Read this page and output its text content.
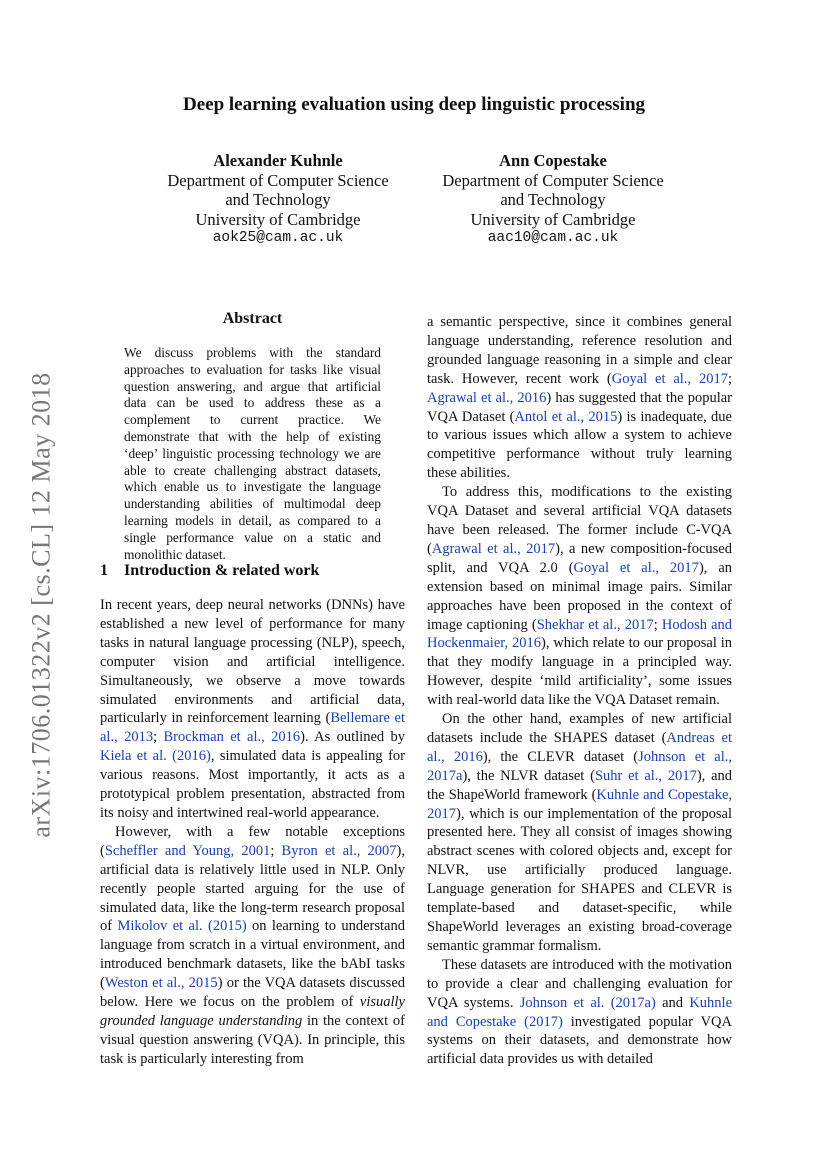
arXiv:1706.01322v2 [cs.CL] 12 May 2018
Deep learning evaluation using deep linguistic processing
Alexander Kuhnle
Department of Computer Science
and Technology
University of Cambridge
aok25@cam.ac.uk
Ann Copestake
Department of Computer Science
and Technology
University of Cambridge
aac10@cam.ac.uk
Abstract
We discuss problems with the standard approaches to evaluation for tasks like visual question answering, and argue that artificial data can be used to address these as a complement to current practice. We demonstrate that with the help of existing ‘deep’ linguistic processing technology we are able to create challenging abstract datasets, which enable us to investigate the language understanding abilities of multimodal deep learning models in detail, as compared to a single performance value on a static and monolithic dataset.
1 Introduction & related work

In recent years, deep neural networks (DNNs) have established a new level of performance for many tasks in natural language processing (NLP), speech, computer vision and artificial intelligence. Simultaneously, we observe a move towards simulated environments and artificial data, particularly in reinforcement learning (Bellemare et al., 2013; Brockman et al., 2016). As outlined by Kiela et al. (2016), simulated data is appealing for various reasons. Most importantly, it acts as a prototypical problem presentation, abstracted from its noisy and intertwined real-world appearance.

However, with a few notable exceptions (Scheffler and Young, 2001; Byron et al., 2007), artificial data is relatively little used in NLP. Only recently people started arguing for the use of simulated data, like the long-term research proposal of Mikolov et al. (2015) on learning to understand language from scratch in a virtual environment, and introduced benchmark datasets, like the bAbI tasks (Weston et al., 2015) or the VQA datasets discussed below. Here we focus on the problem of visually grounded language understanding in the context of visual question answering (VQA). In principle, this task is particularly interesting from

a semantic perspective, since it combines general language understanding, reference resolution and grounded language reasoning in a simple and clear task. However, recent work (Goyal et al., 2017; Agrawal et al., 2016) has suggested that the popular VQA Dataset (Antol et al., 2015) is inadequate, due to various issues which allow a system to achieve competitive performance without truly learning these abilities.

To address this, modifications to the existing VQA Dataset and several artificial VQA datasets have been released. The former include C-VQA (Agrawal et al., 2017), a new composition-focused split, and VQA 2.0 (Goyal et al., 2017), an extension based on minimal image pairs. Similar approaches have been proposed in the context of image captioning (Shekhar et al., 2017; Hodosh and Hockenmaier, 2016), which relate to our proposal in that they modify language in a principled way. However, despite ‘mild artificiality’, some issues with real-world data like the VQA Dataset remain.

On the other hand, examples of new artificial datasets include the SHAPES dataset (Andreas et al., 2016), the CLEVR dataset (Johnson et al., 2017a), the NLVR dataset (Suhr et al., 2017), and the ShapeWorld framework (Kuhnle and Copestake, 2017), which is our implementation of the proposal presented here. They all consist of images showing abstract scenes with colored objects and, except for NLVR, use artificially produced language. Language generation for SHAPES and CLEVR is template-based and dataset-specific, while ShapeWorld leverages an existing broad-coverage semantic grammar formalism.

These datasets are introduced with the motivation to provide a clear and challenging evaluation for VQA systems. Johnson et al. (2017a) and Kuhnle and Copestake (2017) investigated popular VQA systems on their datasets, and demonstrate how artificial data provides us with detailed
